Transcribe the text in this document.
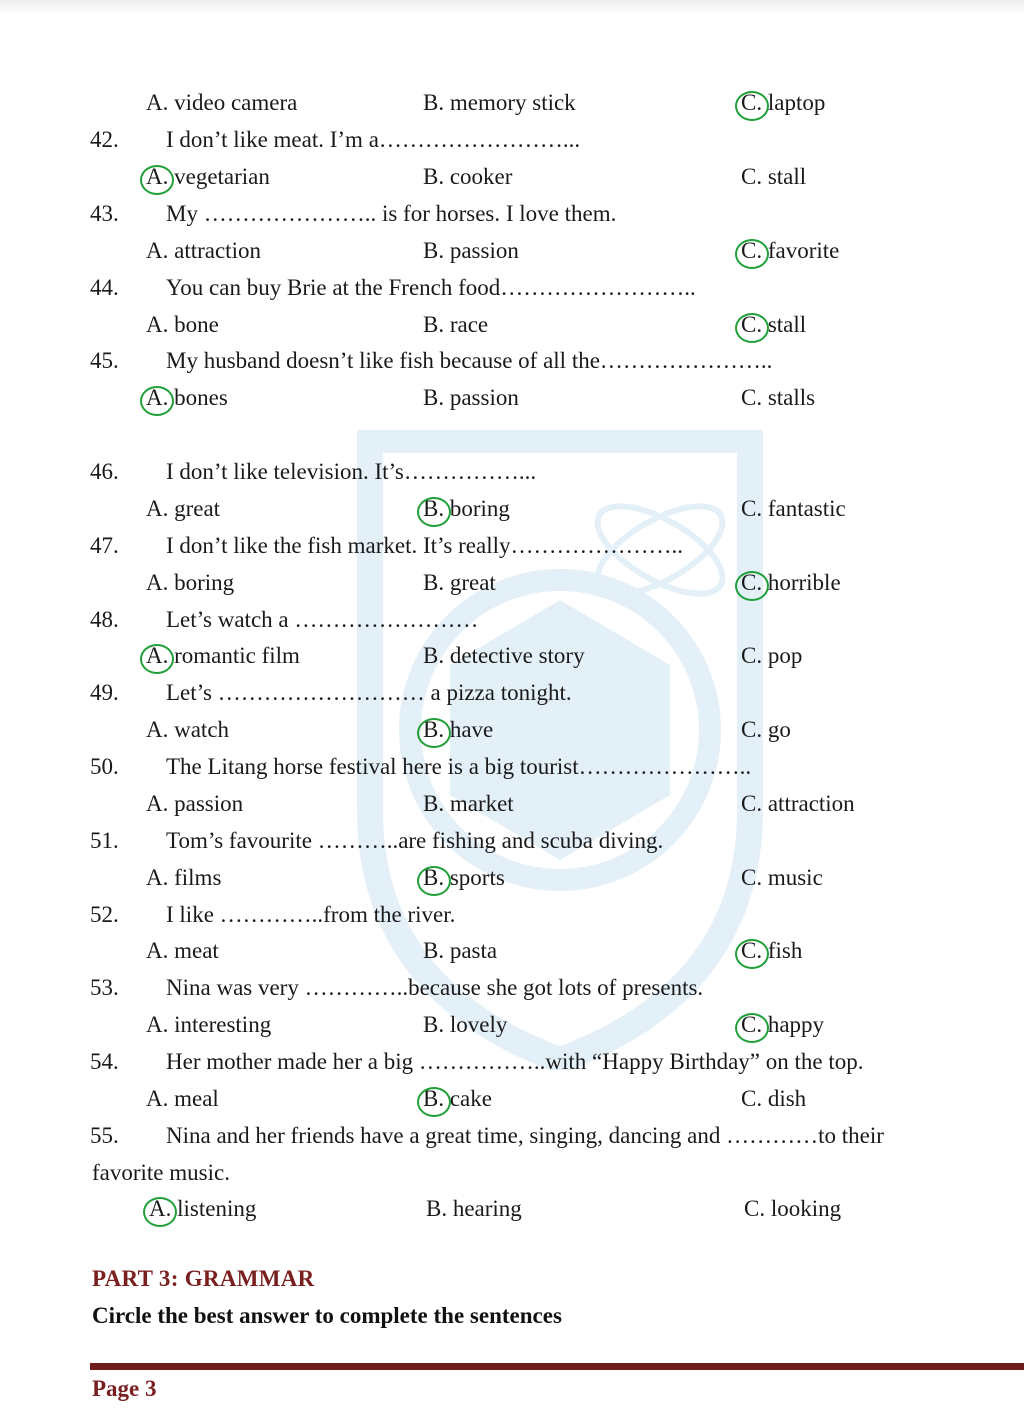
A. video camera	B. memory stick	C. laptop
42. I don’t like meat. I’m a……………………...
A. vegetarian	B. cooker	C. stall
43. My ………………….. is for horses. I love them.
A. attraction	B. passion	C. favorite
44. You can buy Brie at the French food……………………..
A. bone	B. race	C. stall
45. My husband doesn’t like fish because of all the…………………..
A. bones	B. passion	C. stalls
46. I don’t like television. It’s……………...
A. great	B. boring	C. fantastic
47. I don’t like the fish market. It’s really…………………..
A. boring	B. great	C. horrible
48. Let’s watch a ……………………
A. romantic film	B. detective story	C. pop
49. Let’s ……………………… a pizza tonight.
A. watch	B. have	C. go
50. The Litang horse festival here is a big tourist…………………..
A. passion	B. market	C. attraction
51. Tom’s favourite ………..are fishing and scuba diving.
A. films	B. sports	C. music
52. I like …………..from the river.
A. meat	B. pasta	C. fish
53. Nina was very …………..because she got lots of presents.
A. interesting	B. lovely	C. happy
54. Her mother made her a big ……………..with “Happy Birthday” on the top.
A. meal	B. cake	C. dish
55. Nina and her friends have a great time, singing, dancing and …………to their
favorite music.
A. listening	B. hearing	C. looking
PART 3: GRAMMAR
Circle the best answer to complete the sentences
Page 3
